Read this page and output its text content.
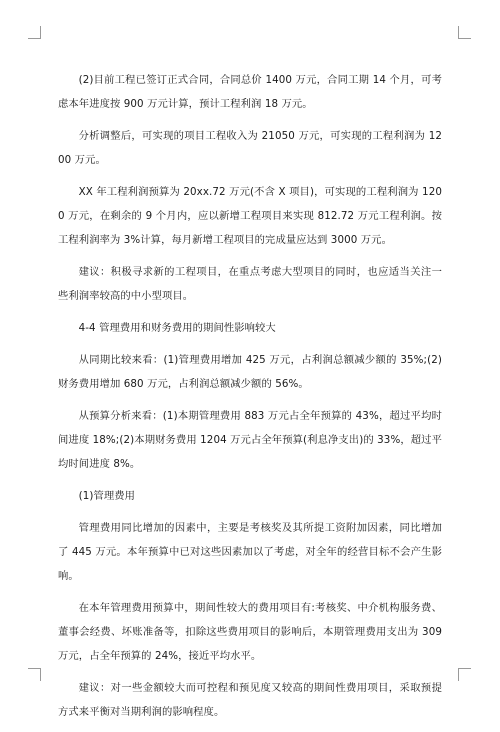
(2)目前工程已签订正式合同，合同总价 1400 万元，合同工期 14 个月，可考虑本年进度按 900 万元计算，预计工程利润 18 万元。

分析调整后，可实现的项目工程收入为 21050 万元，可实现的工程利润为 1200 万元。

XX 年工程利润预算为 20xx.72 万元(不含 X 项目)，可实现的工程利润为 1200 万元，在剩余的 9 个月内，应以新增工程项目来实现 812.72 万元工程利润。按工程利润率为 3%计算，每月新增工程项目的完成量应达到 3000 万元。

建议：积极寻求新的工程项目，在重点考虑大型项目的同时，也应适当关注一些利润率较高的中小型项目。

4-4 管理费用和财务费用的期间性影响较大

从同期比较来看：(1)管理费用增加 425 万元，占利润总额减少额的 35%;(2)财务费用增加 680 万元，占利润总额减少额的 56%。

从预算分析来看：(1)本期管理费用 883 万元占全年预算的 43%，超过平均时间进度 18%;(2)本期财务费用 1204 万元占全年预算(利息净支出)的 33%，超过平均时间进度 8%。

(1)管理费用

管理费用同比增加的因素中，主要是考核奖及其所提工资附加因素，同比增加了 445 万元。本年预算中已对这些因素加以了考虑，对全年的经营目标不会产生影响。

在本年管理费用预算中，期间性较大的费用项目有:考核奖、中介机构服务费、董事会经费、坏账准备等，扣除这些费用项目的影响后，本期管理费用支出为 309 万元，占全年预算的 24%，接近平均水平。

建议：对一些金额较大而可控程和预见度又较高的期间性费用项目，采取预提方式来平衡对当期利润的影响程度。
